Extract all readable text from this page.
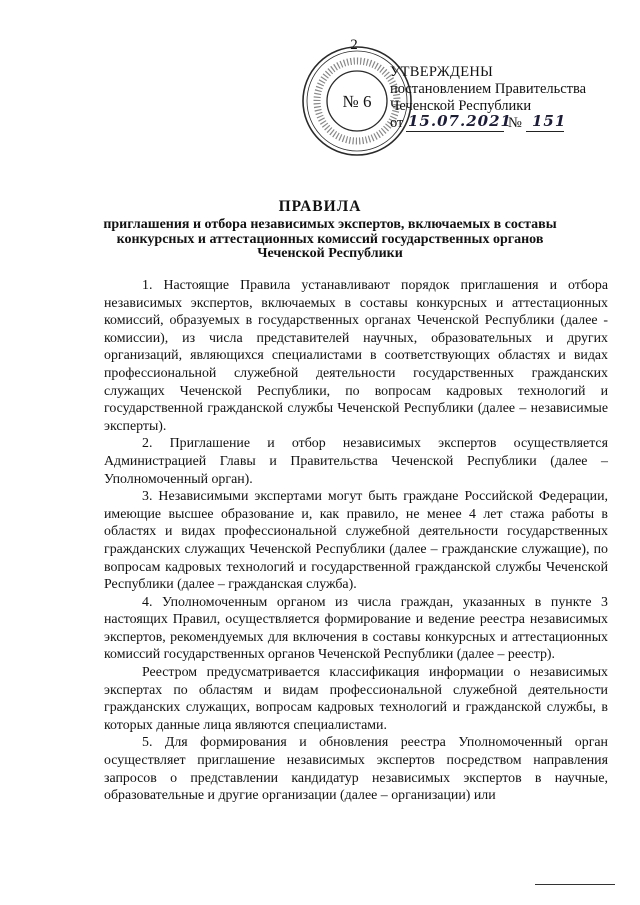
2
№ 6
УТВЕРЖДЕНЫ
постановлением Правительства
Чеченской Республики
от 15.07.2021
№ 151
ПРАВИЛА
приглашения и отбора независимых экспертов, включаемых в составы
конкурсных и аттестационных комиссий государственных органов
Чеченской Республики

1. Настоящие Правила устанавливают порядок приглашения и отбора независимых экспертов, включаемых в составы конкурсных и аттестационных комиссий, образуемых в государственных органах Чеченской Республики (далее - комиссии), из числа представителей научных, образовательных и других организаций, являющихся специалистами в соответствующих областях и видах профессиональной служебной деятельности государственных гражданских служащих Чеченской Республики, по вопросам кадровых технологий и государственной гражданской службы Чеченской Республики (далее – независимые эксперты).

2. Приглашение и отбор независимых экспертов осуществляется Администрацией Главы и Правительства Чеченской Республики (далее – Уполномоченный орган).

3. Независимыми экспертами могут быть граждане Российской Федерации, имеющие высшее образование и, как правило, не менее 4 лет стажа работы в областях и видах профессиональной служебной деятельности государственных гражданских служащих Чеченской Республики (далее – гражданские служащие), по вопросам кадровых технологий и государственной гражданской службы Чеченской Республики (далее – гражданская служба).

4. Уполномоченным органом из числа граждан, указанных в пункте 3 настоящих Правил, осуществляется формирование и ведение реестра независимых экспертов, рекомендуемых для включения в составы конкурсных и аттестационных комиссий государственных органов Чеченской Республики (далее – реестр).

Реестром предусматривается классификация информации о независимых экспертах по областям и видам профессиональной служебной деятельности гражданских служащих, вопросам кадровых технологий и гражданской службы, в которых данные лица являются специалистами.

5. Для формирования и обновления реестра Уполномоченный орган осуществляет приглашение независимых экспертов посредством направления запросов о представлении кандидатур независимых экспертов в научные, образовательные и другие организации (далее – организации) или
